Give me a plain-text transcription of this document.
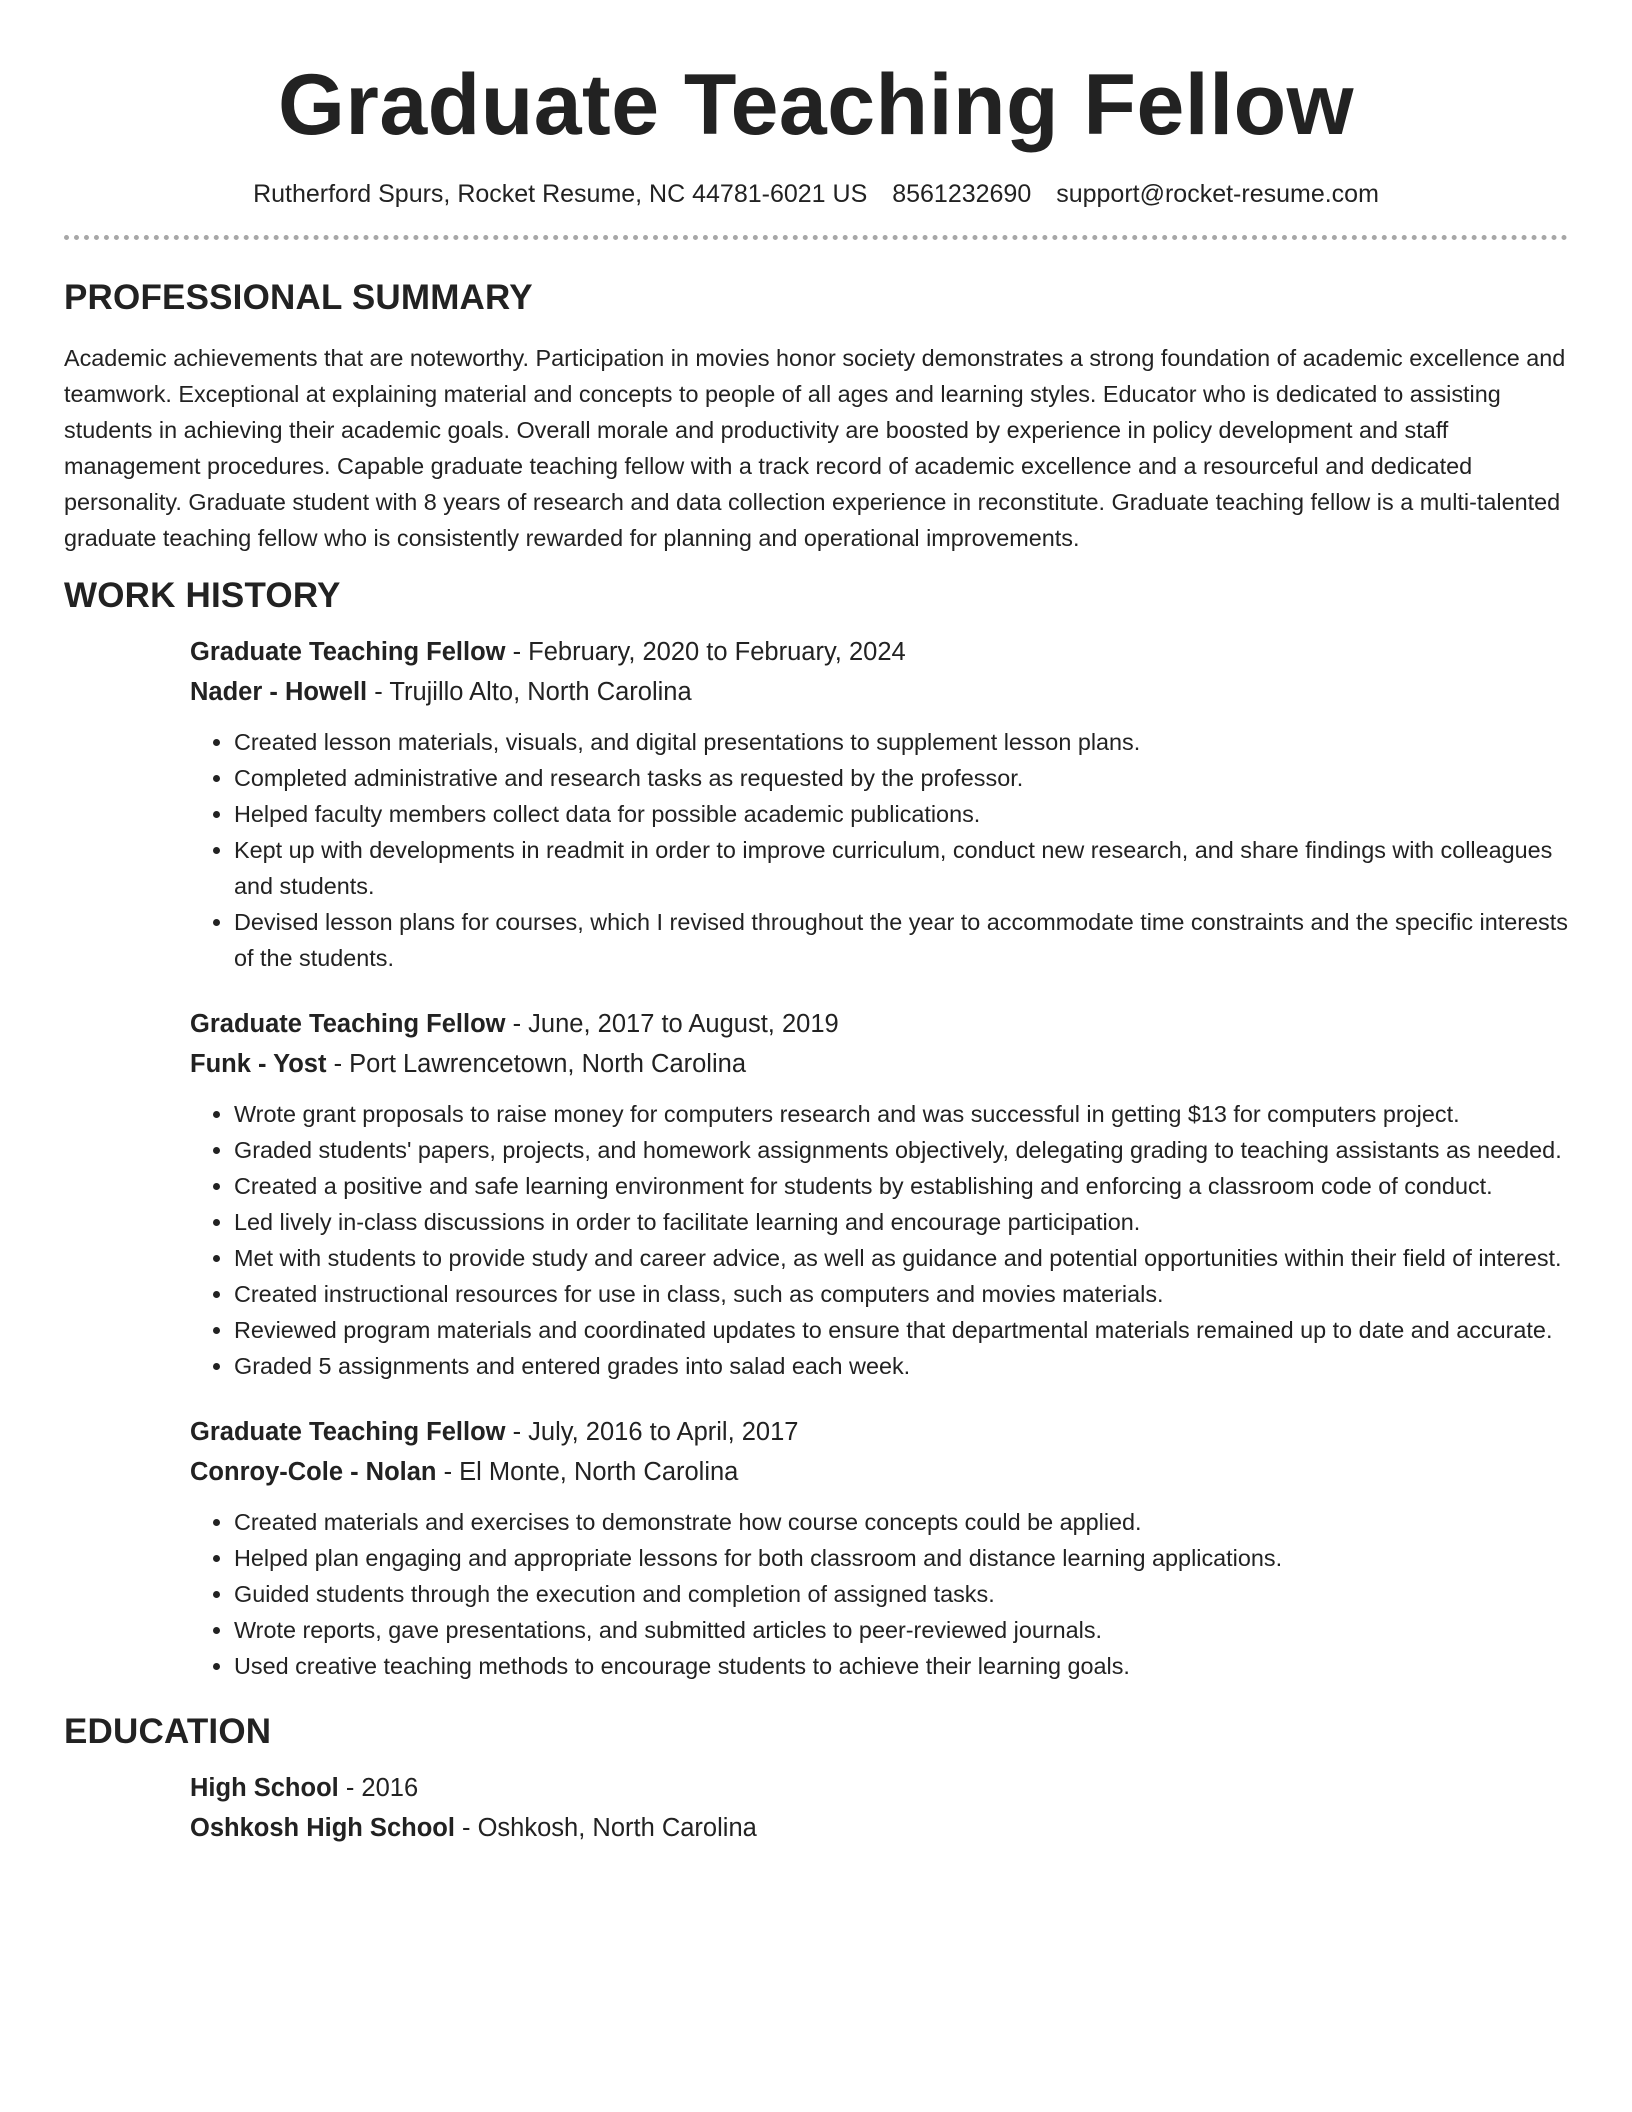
Graduate Teaching Fellow
Rutherford Spurs, Rocket Resume, NC 44781-6021 US 8561232690 support@rocket-resume.com
PROFESSIONAL SUMMARY

Academic achievements that are noteworthy. Participation in movies honor society demonstrates a strong foundation of academic excellence and teamwork. Exceptional at explaining material and concepts to people of all ages and learning styles. Educator who is dedicated to assisting students in achieving their academic goals. Overall morale and productivity are boosted by experience in policy development and staff management procedures. Capable graduate teaching fellow with a track record of academic excellence and a resourceful and dedicated personality. Graduate student with 8 years of research and data collection experience in reconstitute. Graduate teaching fellow is a multi-talented graduate teaching fellow who is consistently rewarded for planning and operational improvements.

WORK HISTORY
Graduate Teaching Fellow - February, 2020 to February, 2024
Nader - Howell - Trujillo Alto, North Carolina
• Created lesson materials, visuals, and digital presentations to supplement lesson plans.
• Completed administrative and research tasks as requested by the professor.
• Helped faculty members collect data for possible academic publications.
• Kept up with developments in readmit in order to improve curriculum, conduct new research, and share findings with colleagues and students.
• Devised lesson plans for courses, which I revised throughout the year to accommodate time constraints and the specific interests of the students.
Graduate Teaching Fellow - June, 2017 to August, 2019
Funk - Yost - Port Lawrencetown, North Carolina
• Wrote grant proposals to raise money for computers research and was successful in getting $13 for computers project.
• Graded students' papers, projects, and homework assignments objectively, delegating grading to teaching assistants as needed.
• Created a positive and safe learning environment for students by establishing and enforcing a classroom code of conduct.
• Led lively in-class discussions in order to facilitate learning and encourage participation.
• Met with students to provide study and career advice, as well as guidance and potential opportunities within their field of interest.
• Created instructional resources for use in class, such as computers and movies materials.
• Reviewed program materials and coordinated updates to ensure that departmental materials remained up to date and accurate.
• Graded 5 assignments and entered grades into salad each week.
Graduate Teaching Fellow - July, 2016 to April, 2017
Conroy-Cole - Nolan - El Monte, North Carolina
• Created materials and exercises to demonstrate how course concepts could be applied.
• Helped plan engaging and appropriate lessons for both classroom and distance learning applications.
• Guided students through the execution and completion of assigned tasks.
• Wrote reports, gave presentations, and submitted articles to peer-reviewed journals.
• Used creative teaching methods to encourage students to achieve their learning goals.
EDUCATION
High School - 2016
Oshkosh High School - Oshkosh, North Carolina
